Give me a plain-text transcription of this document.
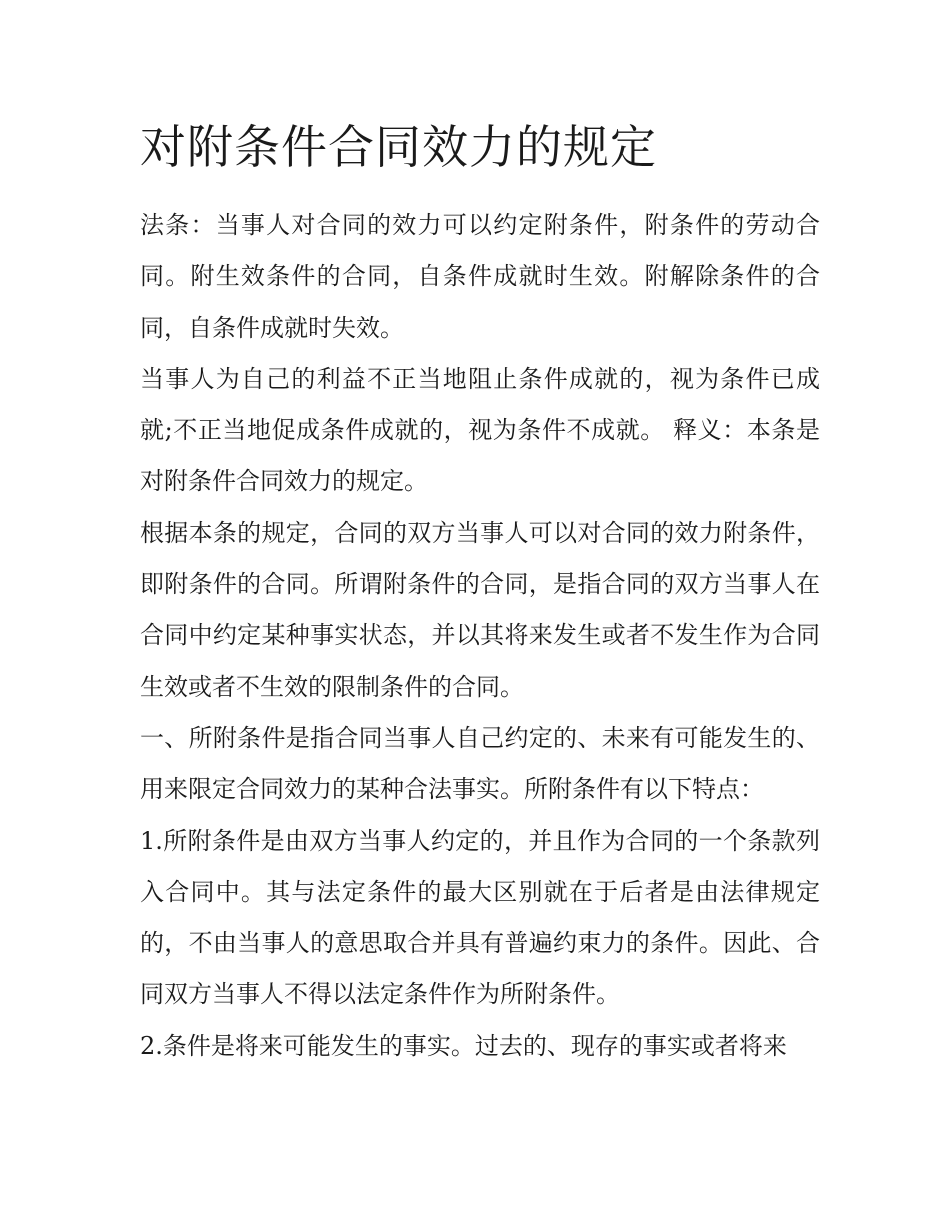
对附条件合同效力的规定

法条：当事人对合同的效力可以约定附条件，附条件的劳动合同。附生效条件的合同，自条件成就时生效。附解除条件的合同，自条件成就时失效。

当事人为自己的利益不正当地阻止条件成就的，视为条件已成就;不正当地促成条件成就的，视为条件不成就。 释义：本条是对附条件合同效力的规定。

根据本条的规定，合同的双方当事人可以对合同的效力附条件，即附条件的合同。所谓附条件的合同，是指合同的双方当事人在合同中约定某种事实状态，并以其将来发生或者不发生作为合同生效或者不生效的限制条件的合同。

一、所附条件是指合同当事人自己约定的、未来有可能发生的、用来限定合同效力的某种合法事实。所附条件有以下特点：

1.所附条件是由双方当事人约定的，并且作为合同的一个条款列入合同中。其与法定条件的最大区别就在于后者是由法律规定的，不由当事人的意思取合并具有普遍约束力的条件。因此、合同双方当事人不得以法定条件作为所附条件。

2.条件是将来可能发生的事实。过去的、现存的事实或者将来
